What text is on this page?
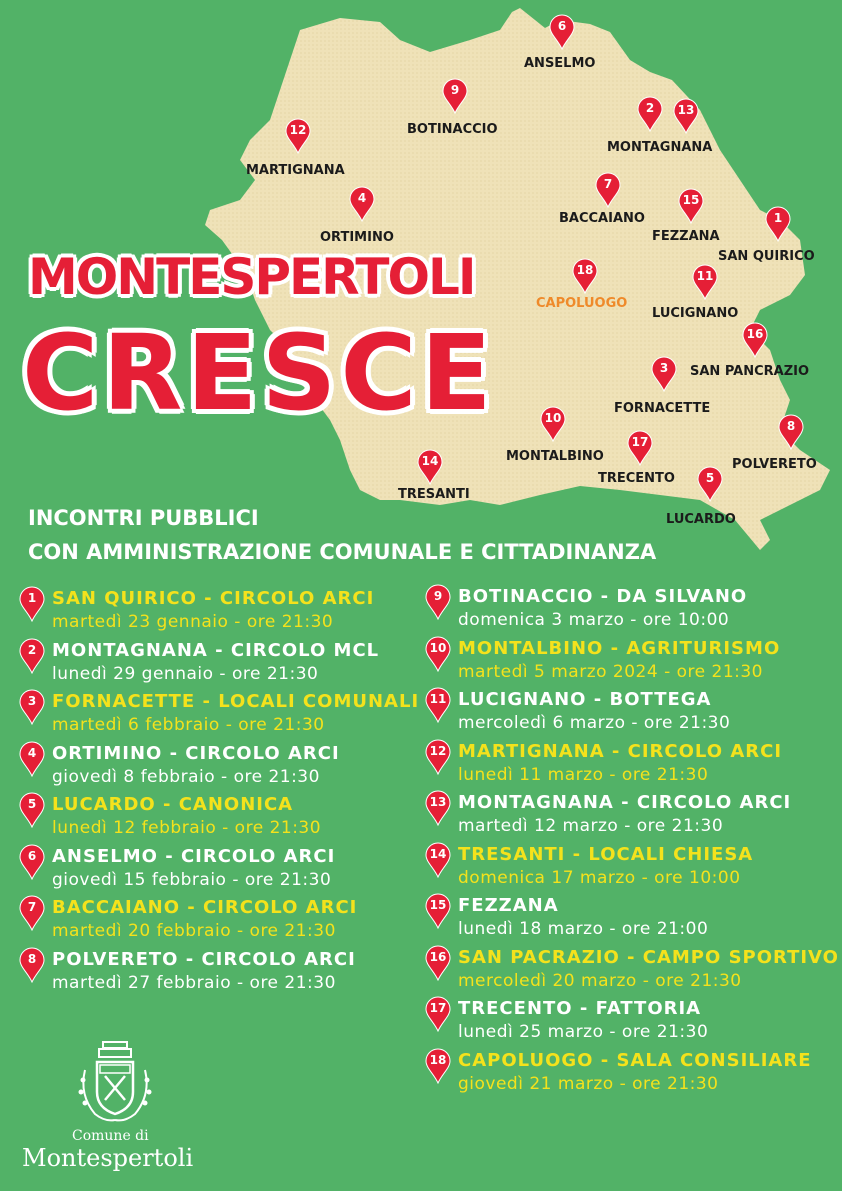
6
ANSELMO
9
BOTINACCIO
12
MARTIGNANA
2
MONTAGNANA
13
4
ORTIMINO
7
BACCAIANO
15
FEZZANA
1
SAN QUIRICO
18
CAPOLUOGO
11
LUCIGNANO
16
SAN PANCRAZIO
3
FORNACETTE
10
MONTALBINO
17
TRECENTO
8
POLVERETO
14
TRESANTI
5
LUCARDO
MONTESPERTOLI
CRESCE
INCONTRI PUBBLICI
CON AMMINISTRAZIONE COMUNALE E CITTADINANZA
1 SAN QUIRICO - CIRCOLO ARCI
martedì 23 gennaio - ore 21:30
2 MONTAGNANA - CIRCOLO MCL
lunedì 29 gennaio - ore 21:30
3 FORNACETTE - LOCALI COMUNALI
martedì 6 febbraio - ore 21:30
4 ORTIMINO - CIRCOLO ARCI
giovedì 8 febbraio - ore 21:30
5 LUCARDO - CANONICA
lunedì 12 febbraio - ore 21:30
6 ANSELMO - CIRCOLO ARCI
giovedì 15 febbraio - ore 21:30
7 BACCAIANO - CIRCOLO ARCI
martedì 20 febbraio - ore 21:30
8 POLVERETO - CIRCOLO ARCI
martedì 27 febbraio - ore 21:30
9 BOTINACCIO - DA SILVANO
domenica 3 marzo - ore 10:00
10 MONTALBINO - AGRITURISMO
martedì 5 marzo 2024 - ore 21:30
11 LUCIGNANO - BOTTEGA
mercoledì 6 marzo - ore 21:30
12 MARTIGNANA - CIRCOLO ARCI
lunedì 11 marzo - ore 21:30
13 MONTAGNANA - CIRCOLO ARCI
martedì 12 marzo - ore 21:30
14 TRESANTI - LOCALI CHIESA
domenica 17 marzo - ore 10:00
15 FEZZANA
lunedì 18 marzo - ore 21:00
16 SAN PACRAZIO - CAMPO SPORTIVO
mercoledì 20 marzo - ore 21:30
17 TRECENTO - FATTORIA
lunedì 25 marzo - ore 21:30
18 CAPOLUOGO - SALA CONSILIARE
giovedì 21 marzo - ore 21:30
Comune di
Montespertoli
